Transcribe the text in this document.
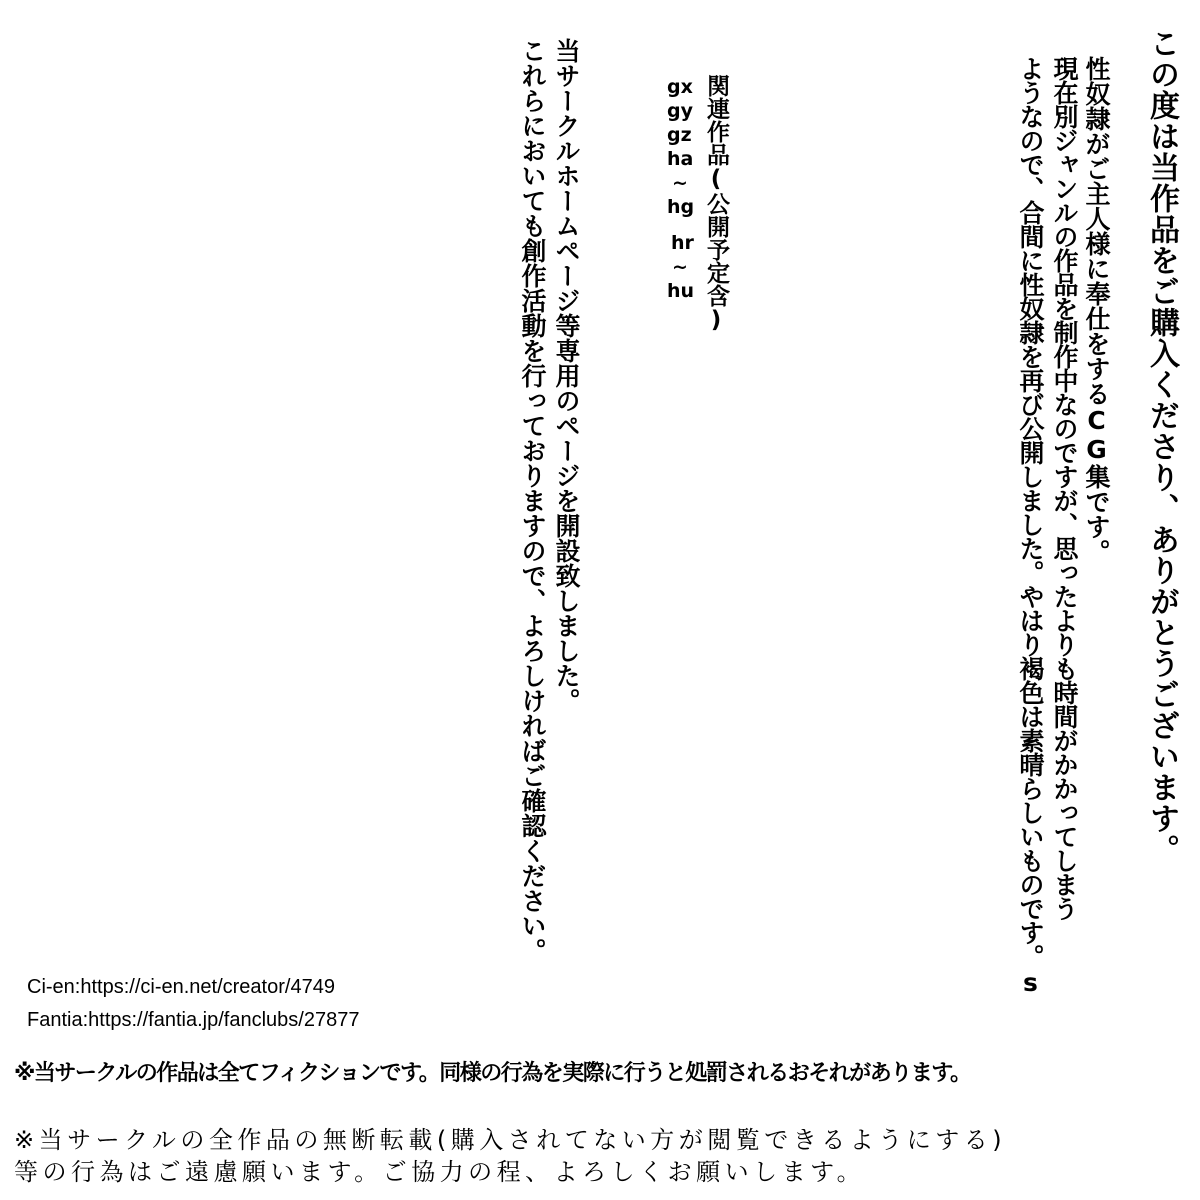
この度は当作品をご購入くださり、ありがとうございます。
性奴隷がご主人様に奉仕をするCG集です。
現在別ジャンルの作品を制作中なのですが、思ったよりも時間がかかってしまう
ようなので、合間に性奴隷を再び公開しました。やはり褐色は素晴らしいものです。s
関連作品(公開予定含)
gx
gy
gz
ha
~
hg
hr
~
hu
当サークルホームページ等専用のページを開設致しました。
これらにおいても創作活動を行っておりますので、よろしければご確認ください。
Ci-en:https://ci-en.net/creator/4749
Fantia:https://fantia.jp/fanclubs/27877
※当サークルの作品は全てフィクションです。同様の行為を実際に行うと処罰されるおそれがあります。
※当サークルの全作品の無断転載(購入されてない方が閲覧できるようにする)
等の行為はご遠慮願います。ご協力の程、よろしくお願いします。
